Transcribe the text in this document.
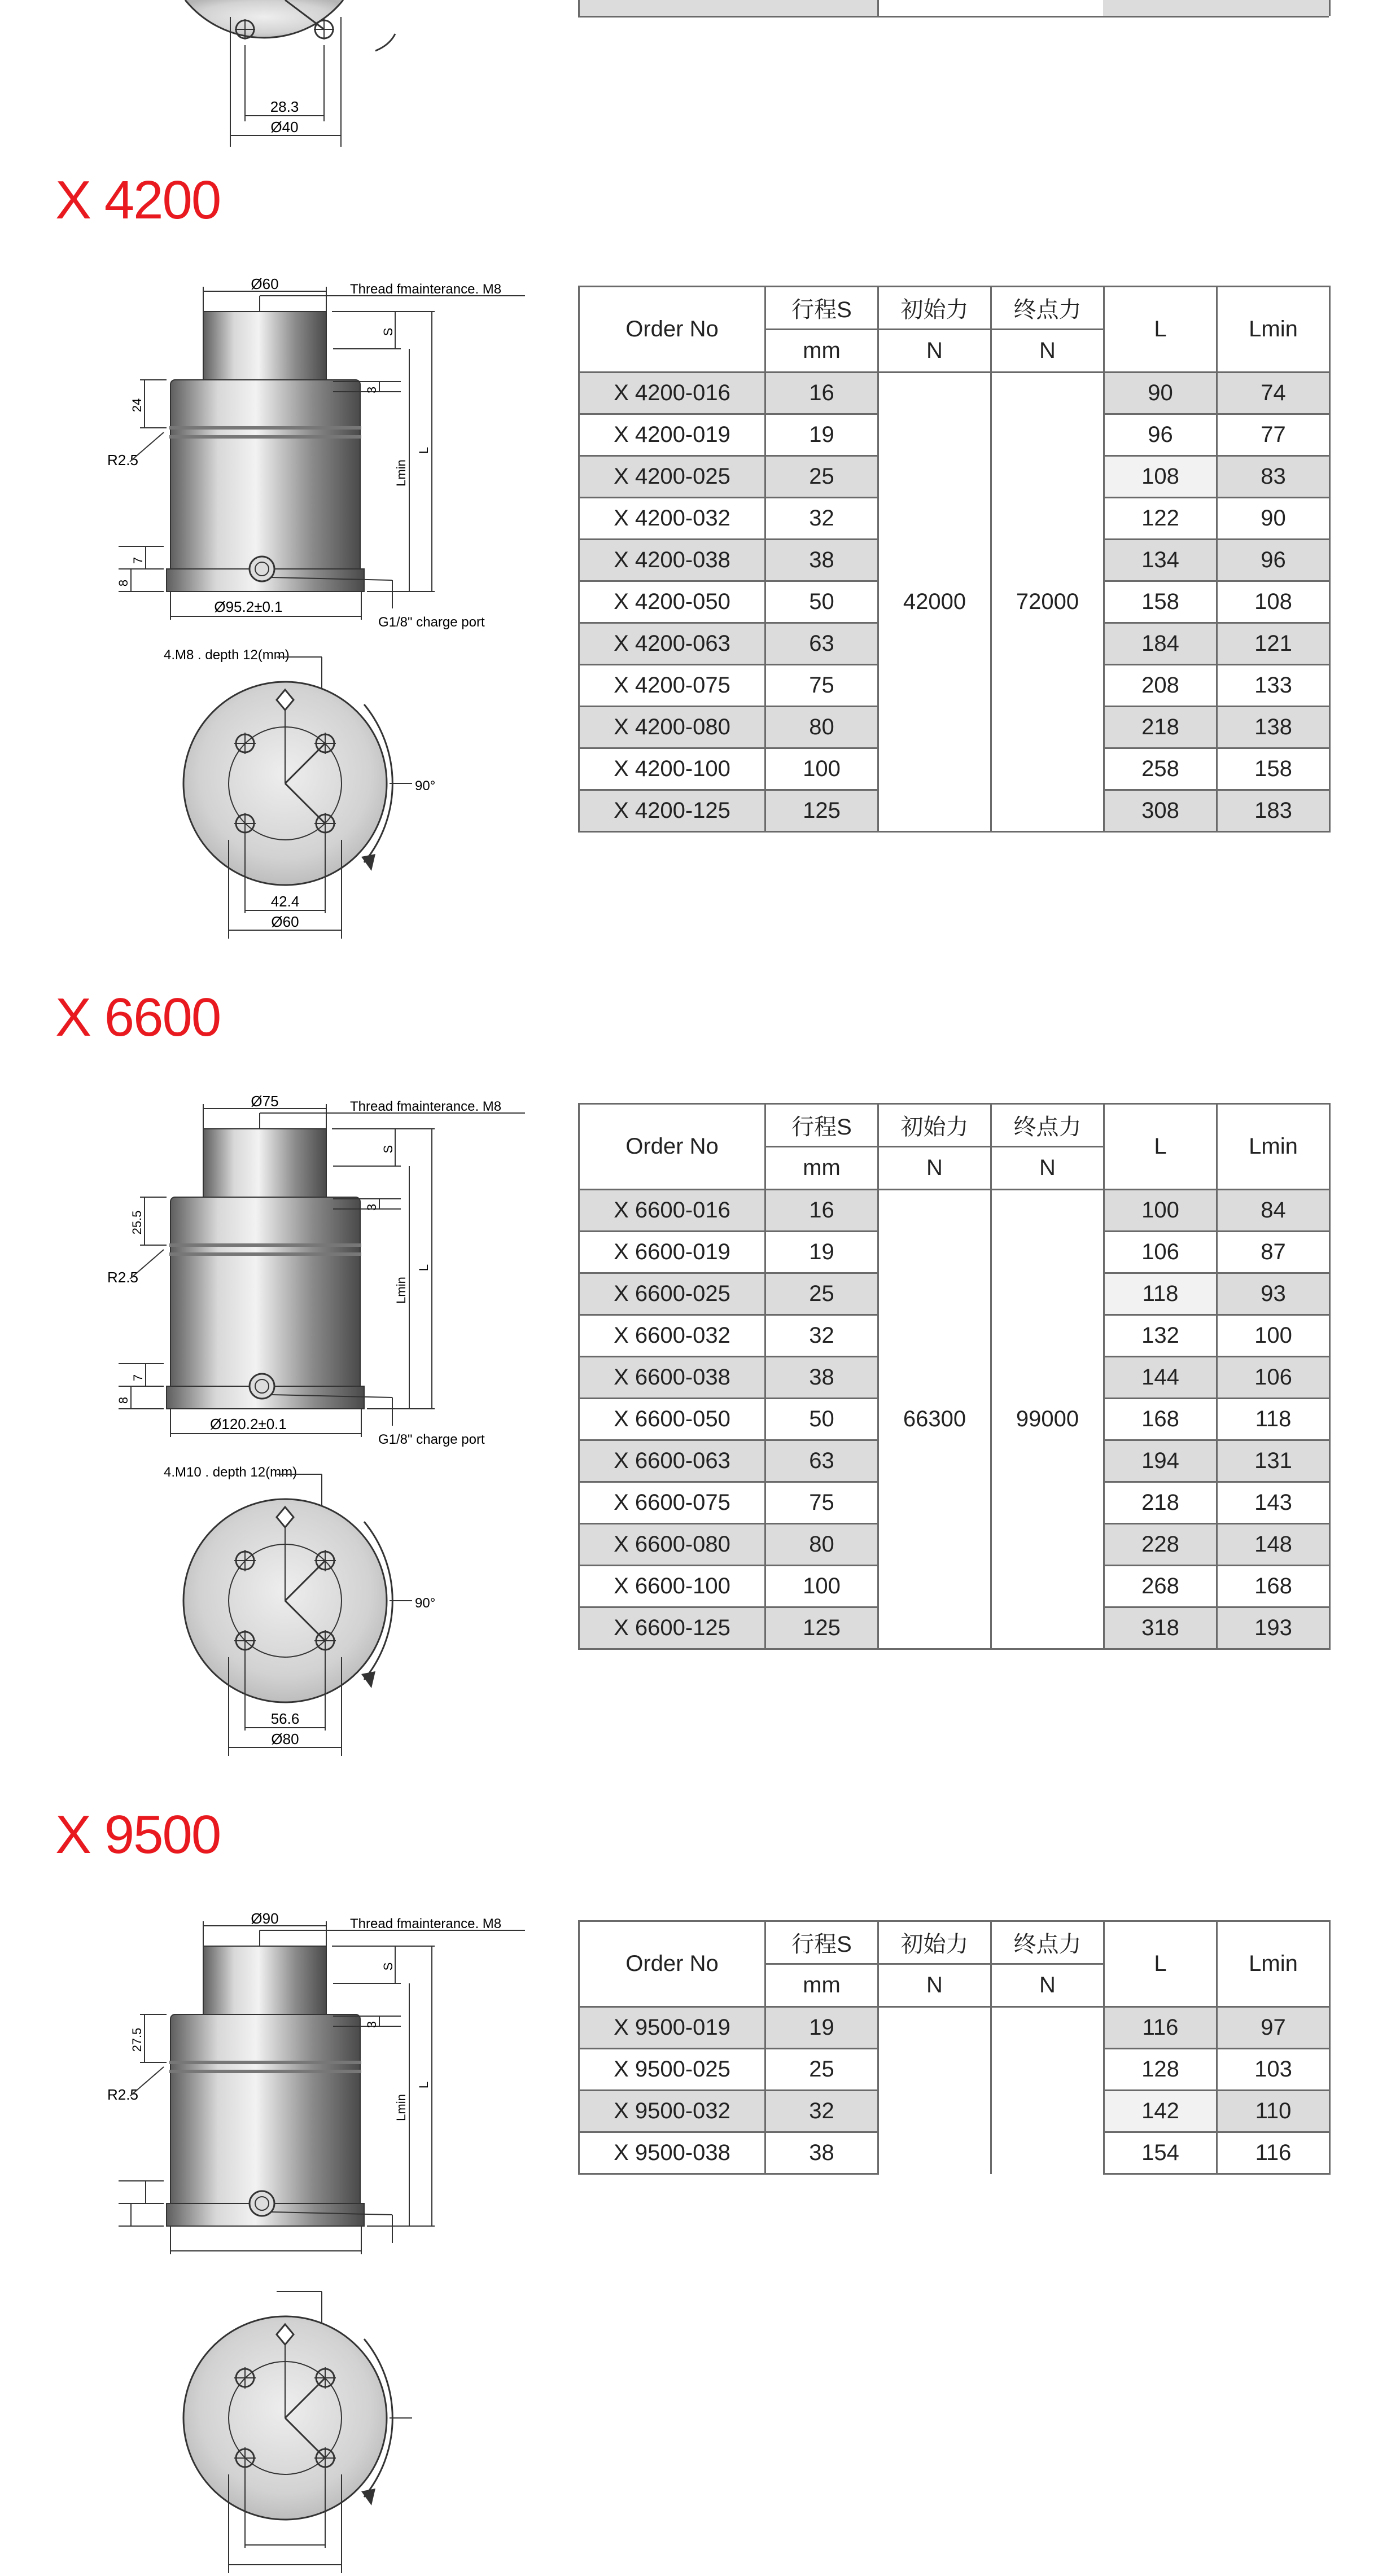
28.3
Ø40
X 4200
Ø60	Thread fmainterance. M8
24
R2.5
7
8
S
3
Lmin
L
Ø95.2±0.1
G1/8" charge port
4.M8 . depth 12(mm)
90°
42.4
Ø60
Order No	行程S	初始力	终点力	L	Lmin
	mm	N	N		
X 4200-016	16	42000	72000	90	74
X 4200-019	19			96	77
X 4200-025	25			108	83
X 4200-032	32			122	90
X 4200-038	38			134	96
X 4200-050	50			158	108
X 4200-063	63			184	121
X 4200-075	75			208	133
X 4200-080	80			218	138
X 4200-100	100			258	158
X 4200-125	125			308	183
X 6600
Ø75	Thread fmainterance. M8
25.5
R2.5
7
8
S
3
Lmin
L
Ø120.2±0.1
G1/8" charge port
4.M10 . depth 12(mm)
90°
56.6
Ø80
Order No	行程S	初始力	终点力	L	Lmin
	mm	N	N		
X 6600-016	16	66300	99000	100	84
X 6600-019	19			106	87
X 6600-025	25			118	93
X 6600-032	32			132	100
X 6600-038	38			144	106
X 6600-050	50			168	118
X 6600-063	63			194	131
X 6600-075	75			218	143
X 6600-080	80			228	148
X 6600-100	100			268	168
X 6600-125	125			318	193
X 9500
Ø90	Thread fmainterance. M8
27.5
R2.5
S
3
Lmin
L
Order No	行程S	初始力	终点力	L	Lmin
	mm	N	N		
X 9500-019	19			116	97
X 9500-025	25			128	103
X 9500-032	32			142	110
X 9500-038	38			154	116
